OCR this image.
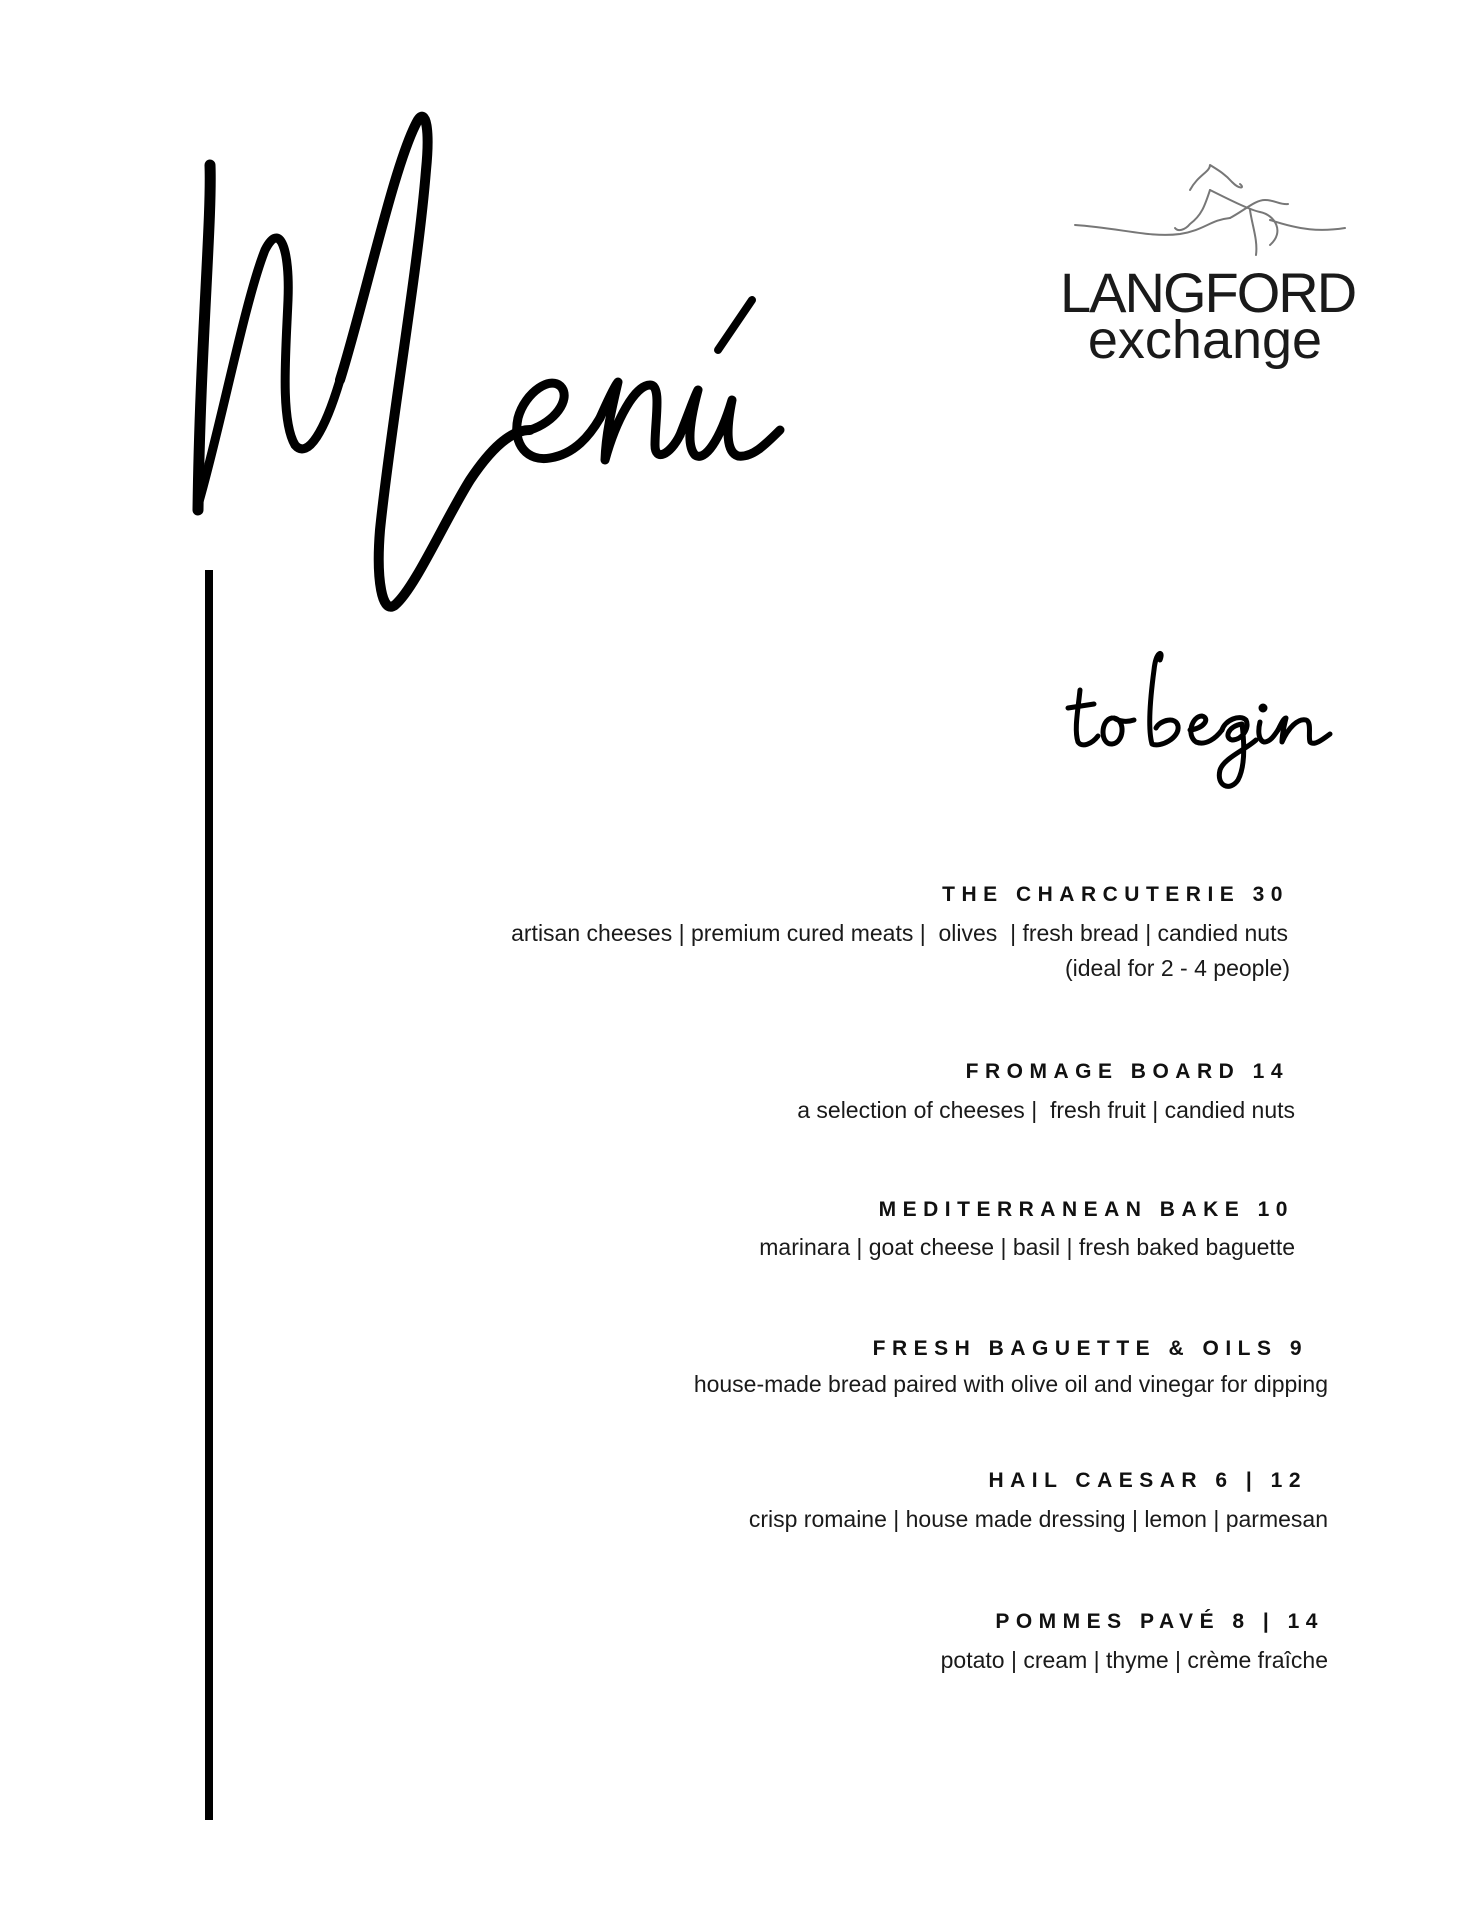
LANGFORD
exchange
THE CHARCUTERIE 30
artisan cheeses | premium cured meats |  olives  | fresh bread | candied nuts
(ideal for 2 - 4 people)
FROMAGE BOARD 14
a selection of cheeses |  fresh fruit | candied nuts
MEDITERRANEAN BAKE 10
marinara | goat cheese | basil | fresh baked baguette
FRESH BAGUETTE & OILS 9
house-made bread paired with olive oil and vinegar for dipping
HAIL CAESAR 6 | 12
crisp romaine | house made dressing | lemon | parmesan
POMMES PAVÉ 8 | 14
potato | cream | thyme | crème fraîche
